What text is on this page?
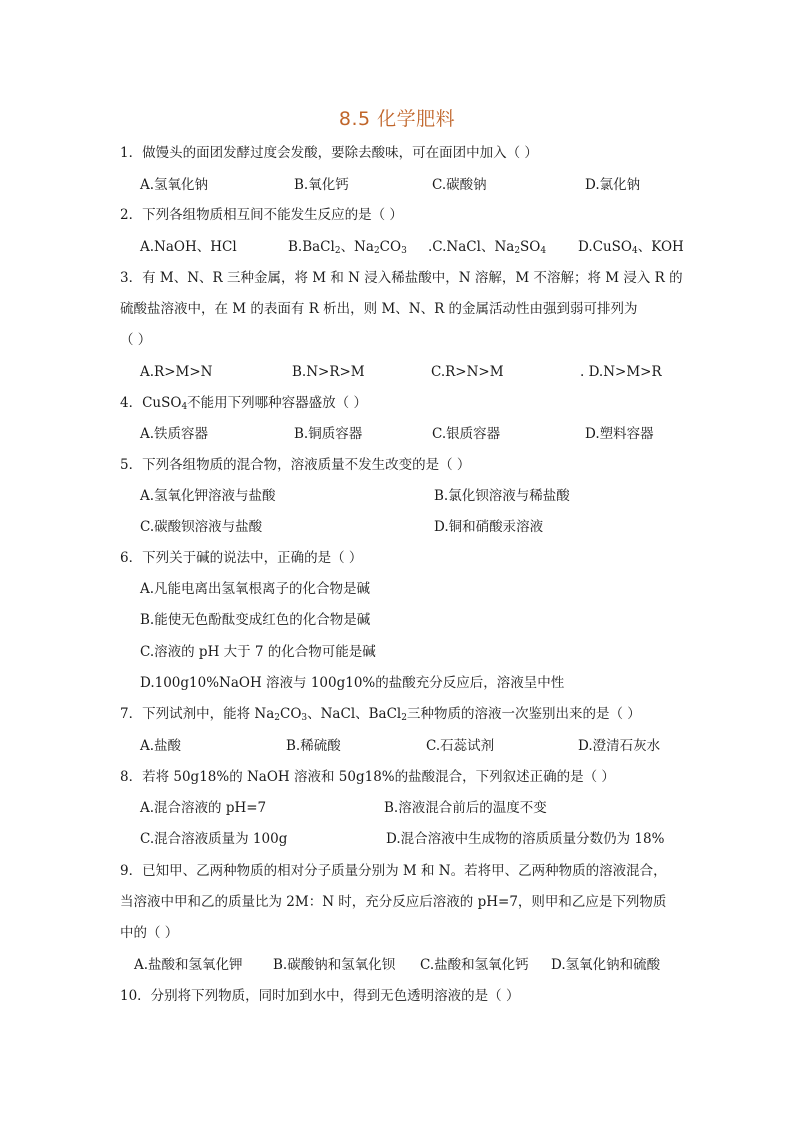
8.5 化学肥料
1．做馒头的面团发酵过度会发酸，要除去酸味，可在面团中加入（ ）
A.氢氧化钠	B.氧化钙	C.碳酸钠	D.氯化钠
2．下列各组物质相互间不能发生反应的是（ ）
A.NaOH、HCl	B.BaCl$_2$、$Na_2CO_3$ .C.NaCl、$Na_2SO_4$ D.CuSO$_4$、KOH
3．有 M、N、R 三种金属，将 M 和 N 浸入稀盐酸中，N 溶解，M 不溶解；将 M 浸入 R 的
硫酸盐溶液中，在 M 的表面有 R 析出，则 M、N、R 的金属活动性由强到弱可排列为
（ ）
A.R>M>N	B.N>R>M	C.R>N>M	. D.N>M>R
4．CuSO$_4$不能用下列哪种容器盛放（ ）
A.铁质容器	B.铜质容器	C.银质容器	D.塑料容器
5．下列各组物质的混合物，溶液质量不发生改变的是（ ）
A.氢氧化钾溶液与盐酸	B.氯化钡溶液与稀盐酸
C.碳酸钡溶液与盐酸	D.铜和硝酸汞溶液
6．下列关于碱的说法中，正确的是（ ）
A.凡能电离出氢氧根离子的化合物是碱
B.能使无色酚酞变成红色的化合物是碱
C.溶液的 pH 大于 7 的化合物可能是碱
D.100g10%NaOH 溶液与 100g10%的盐酸充分反应后，溶液呈中性
7．下列试剂中，能将 $Na_2CO_3$、NaCl、BaCl$_2$三种物质的溶液一次鉴别出来的是（ ）
A.盐酸	B.稀硫酸	C.石蕊试剂	D.澄清石灰水
8．若将 50g18%的 NaOH 溶液和 50g18%的盐酸混合，下列叙述正确的是（ ）
A.混合溶液的 pH=7	B.溶液混合前后的温度不变
C.混合溶液质量为 100g	D.混合溶液中生成物的溶质质量分数仍为 18%
9．已知甲、乙两种物质的相对分子质量分别为 M 和 N。若将甲、乙两种物质的溶液混合，
当溶液中甲和乙的质量比为 2M：N 时，充分反应后溶液的 pH=7，则甲和乙应是下列物质
中的（ ）
A.盐酸和氢氧化钾 B.碳酸钠和氢氧化钡 C.盐酸和氢氧化钙 D.氢氧化钠和硫酸
10．分别将下列物质，同时加到水中，得到无色透明溶液的是（ ）
